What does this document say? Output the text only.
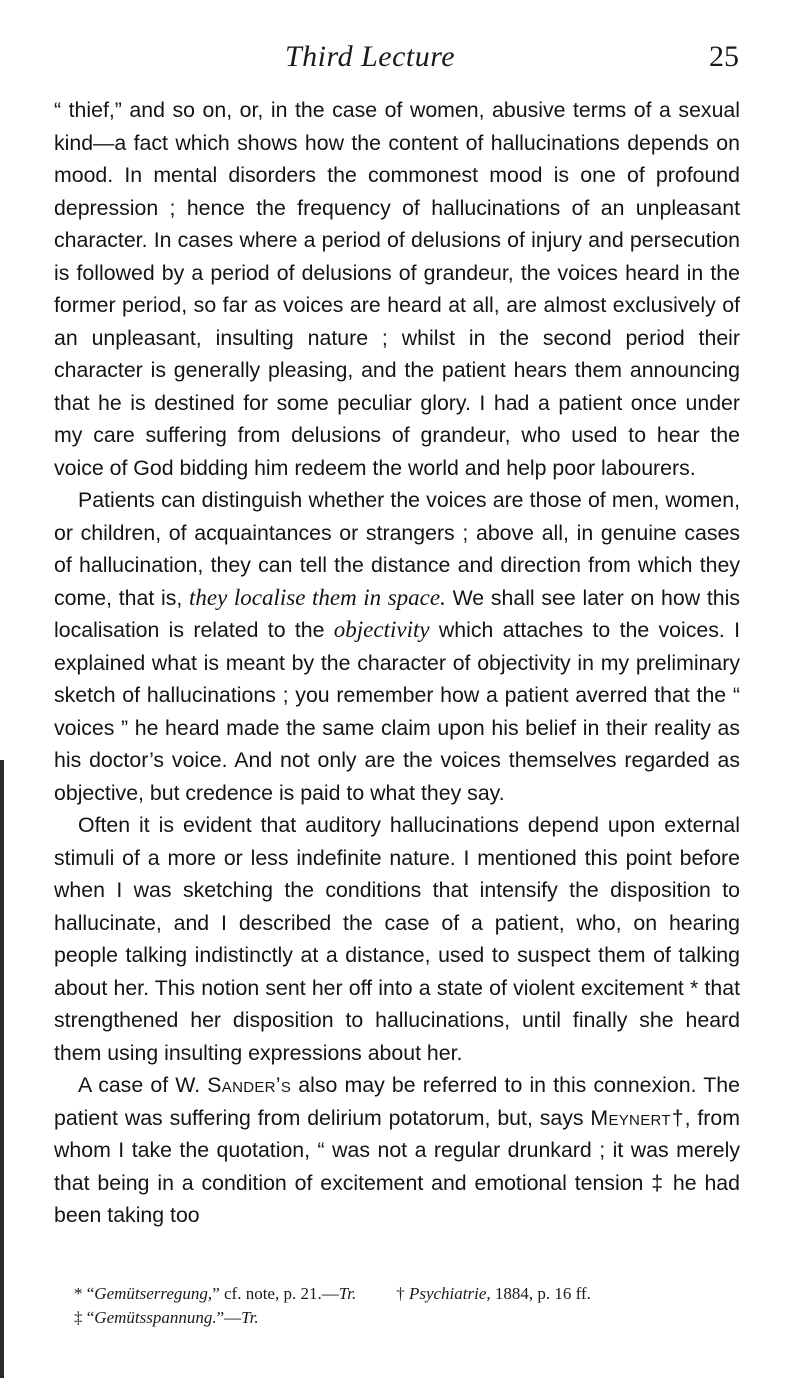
Third Lecture	25

“ thief,” and so on, or, in the case of women, abusive terms of a sexual kind—a fact which shows how the content of hallucinations depends on mood. In mental disorders the commonest mood is one of profound depression ; hence the frequency of hallucinations of an unpleasant character. In cases where a period of delusions of injury and persecution is followed by a period of delusions of grandeur, the voices heard in the former period, so far as voices are heard at all, are almost exclusively of an unpleasant, insulting nature ; whilst in the second period their character is generally pleasing, and the patient hears them announcing that he is destined for some peculiar glory. I had a patient once under my care suffering from delusions of grandeur, who used to hear the voice of God bidding him redeem the world and help poor labourers.

Patients can distinguish whether the voices are those of men, women, or children, of acquaintances or strangers ; above all, in genuine cases of hallucination, they can tell the distance and direction from which they come, that is, they localise them in space. We shall see later on how this localisation is related to the objectivity which attaches to the voices. I explained what is meant by the character of objectivity in my preliminary sketch of hallucinations ; you remember how a patient averred that the “ voices ” he heard made the same claim upon his belief in their reality as his doctor’s voice. And not only are the voices themselves regarded as objective, but credence is paid to what they say.

Often it is evident that auditory hallucinations depend upon external stimuli of a more or less indefinite nature. I mentioned this point before when I was sketching the conditions that intensify the disposition to hallucinate, and I described the case of a patient, who, on hearing people talking indistinctly at a distance, used to suspect them of talking about her. This notion sent her off into a state of violent excitement * that strengthened her disposition to hallucinations, until finally she heard them using insulting expressions about her.

A case of W. Sander’s also may be referred to in this connexion. The patient was suffering from delirium potatorum, but, says Meynert†, from whom I take the quotation, “ was not a regular drunkard ; it was merely that being in a condition of excitement and emotional tension ‡ he had been taking too

* “Gemütserregung,” cf. note, p. 21.—Tr. † Psychiatrie, 1884, p. 16 ff.
‡ “Gemütsspannung.”—Tr.
